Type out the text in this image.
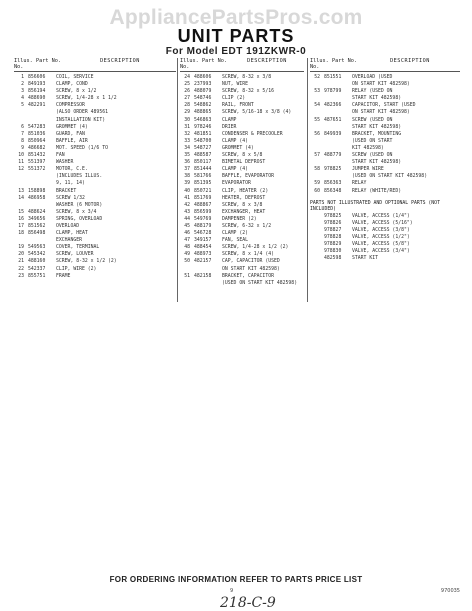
AppliancePartsPros.com
UNIT PARTS
For Model EDT 191ZKWR-0
Illus. No.
Part No.	DESCRIPTION
1 856606	COIL, SERVICE
2 849193	CLAMP, COND
3 856194	SCREW, 8 x 1/2
4 488690	SCREW, 1/4-28 x 1 1/2
5 482291	COMPRESSOR
(ALSO ORDER 489561
INSTALLATION KIT)
6 547283	GROMMET (4)
7 851036	GUARD, FAN
8 850964	BAFFLE, AIR
9 486682	MOT. SPEED (1/6 TO
10 851432	FAN
11 551397	WASHER
12 551372	MOTOR, C.E.
(INCLUDES ILLUS.
9, 11, 14)
13 158898	BRACKET
14 486958	SCREW 1/32
WASHER (6 MOTOR)
15 488624	SCREW, 8 x 3/4
16 349656	SPRING, OVERLOAD
17 851562	OVERLOAD
18 856498	CLAMP, HEAT
EXCHANGER
19 549563	COVER, TERMINAL
20 545342	SCREW, LOUVER
21 488160	SCREW, 8-32 x 1/2 (2)
22 542337	CLIP, WIRE (2)
23 855751	FRAME
Illus. No.
Part No.	DESCRIPTION
24 488606	SCREW, 8-32 x 3/8
25 237993	NUT, WIRE
26 488079	SCREW, 8-32 x 5/16
27 548746	CLIP (2)
28 548862	RAIL, FRONT
29 488865	SCREW, 5/16-18 x 3/8 (4)
30 546863	CLAMP
31 978246	DRIER
32 481851	CONDENSER & PRECOOLER
33 548700	CLAMP (4)
34 548727	GROMMET (4)
35 488587	SCREW, 8 x 5/8
36 850117	BIMETAL DEFROST
37 851444	CLAMP (4)
38 581766	BAFFLE, EVAPORATOR
39 851395	EVAPORATOR
40 850721	CLIP, HEATER (2)
41 851769	HEATER, DEFROST
42 488867	SCREW, 8 x 3/8
43 856599	EXCHANGER, HEAT
44 549769	DAMPENER (2)
45 488179	SCREW, 6-32 x 1/2
46 546728	CLAMP (2)
47 349157	FAN, SEAL
48 488454	SCREW, 1/4-28 x 1/2 (2)
49 488973	SCREW, 8 x 1/4 (4)
50 482157	CAP, CAPACITOR (USED
ON START KIT 482598)
51 482158	BRACKET, CAPACITOR
(USED ON START KIT 482598)
Illus. No.
Part No.	DESCRIPTION
52 851551	OVERLOAD (USED
ON START KIT 482598)
53 978799	RELAY (USED ON
START KIT 482598)
54 482366	CAPACITOR, START (USED
ON START KIT 482598)
55 487651	SCREW (USED ON
START KIT 482598)
56 849939	BRACKET, MOUNTING
(USED ON START
KIT 482598)
57 488779	SCREW (USED ON
START KIT 482598)
58 978825	JUMPER WIRE
(USED ON START KIT 482598)
59 856363	RELAY
60 856348	RELAY (WHITE/RED)
PARTS NOT ILLUSTRATED AND OPTIONAL PARTS (NOT INCLUDED)
978825	VALVE, ACCESS (1/4")
978826	VALVE, ACCESS (5/16")
978827	VALVE, ACCESS (3/8")
978828	VALVE, ACCESS (1/2")
978829	VALVE, ACCESS (5/8")
978830	VALVE, ACCESS (3/4")
482598	START KIT
FOR ORDERING INFORMATION REFER TO PARTS PRICE LIST
9	970035
218-C-9
